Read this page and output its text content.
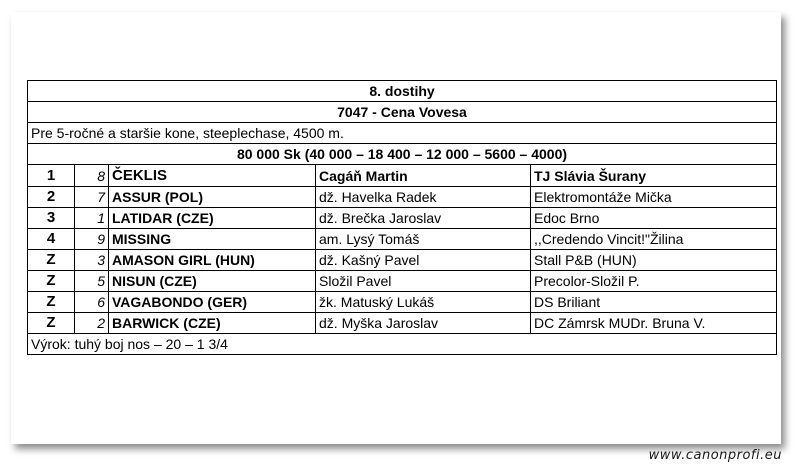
8. dostihy				
7047 - Cena Vovesa				
Pre 5-ročné a staršie kone, steeplechase, 4500 m.				
80 000 Sk (40 000 – 18 400 – 12 000 – 5600 – 4000)				
1	8	ČEKLIS	Cagáň Martin	TJ Slávia Šurany
2	7	ASSUR (POL)	dž. Havelka Radek	Elektromontáže Mička
3	1	LATIDAR (CZE)	dž. Brečka Jaroslav	Edoc Brno
4	9	MISSING	am. Lysý Tomáš	,,Credendo Vincit!"Žilina
Z	3	AMASON GIRL (HUN)	dž. Kašný Pavel	Stall P&B (HUN)
Z	5	NISUN (CZE)	Složil Pavel	Precolor-Složil P.
Z	6	VAGABONDO (GER)	žk. Matuský Lukáš	DS Briliant
Z	2	BARWICK (CZE)	dž. Myška Jaroslav	DC Zámrsk MUDr. Bruna V.
Výrok: tuhý boj nos – 20 – 1 3/4				
www.canonprofi.eu
